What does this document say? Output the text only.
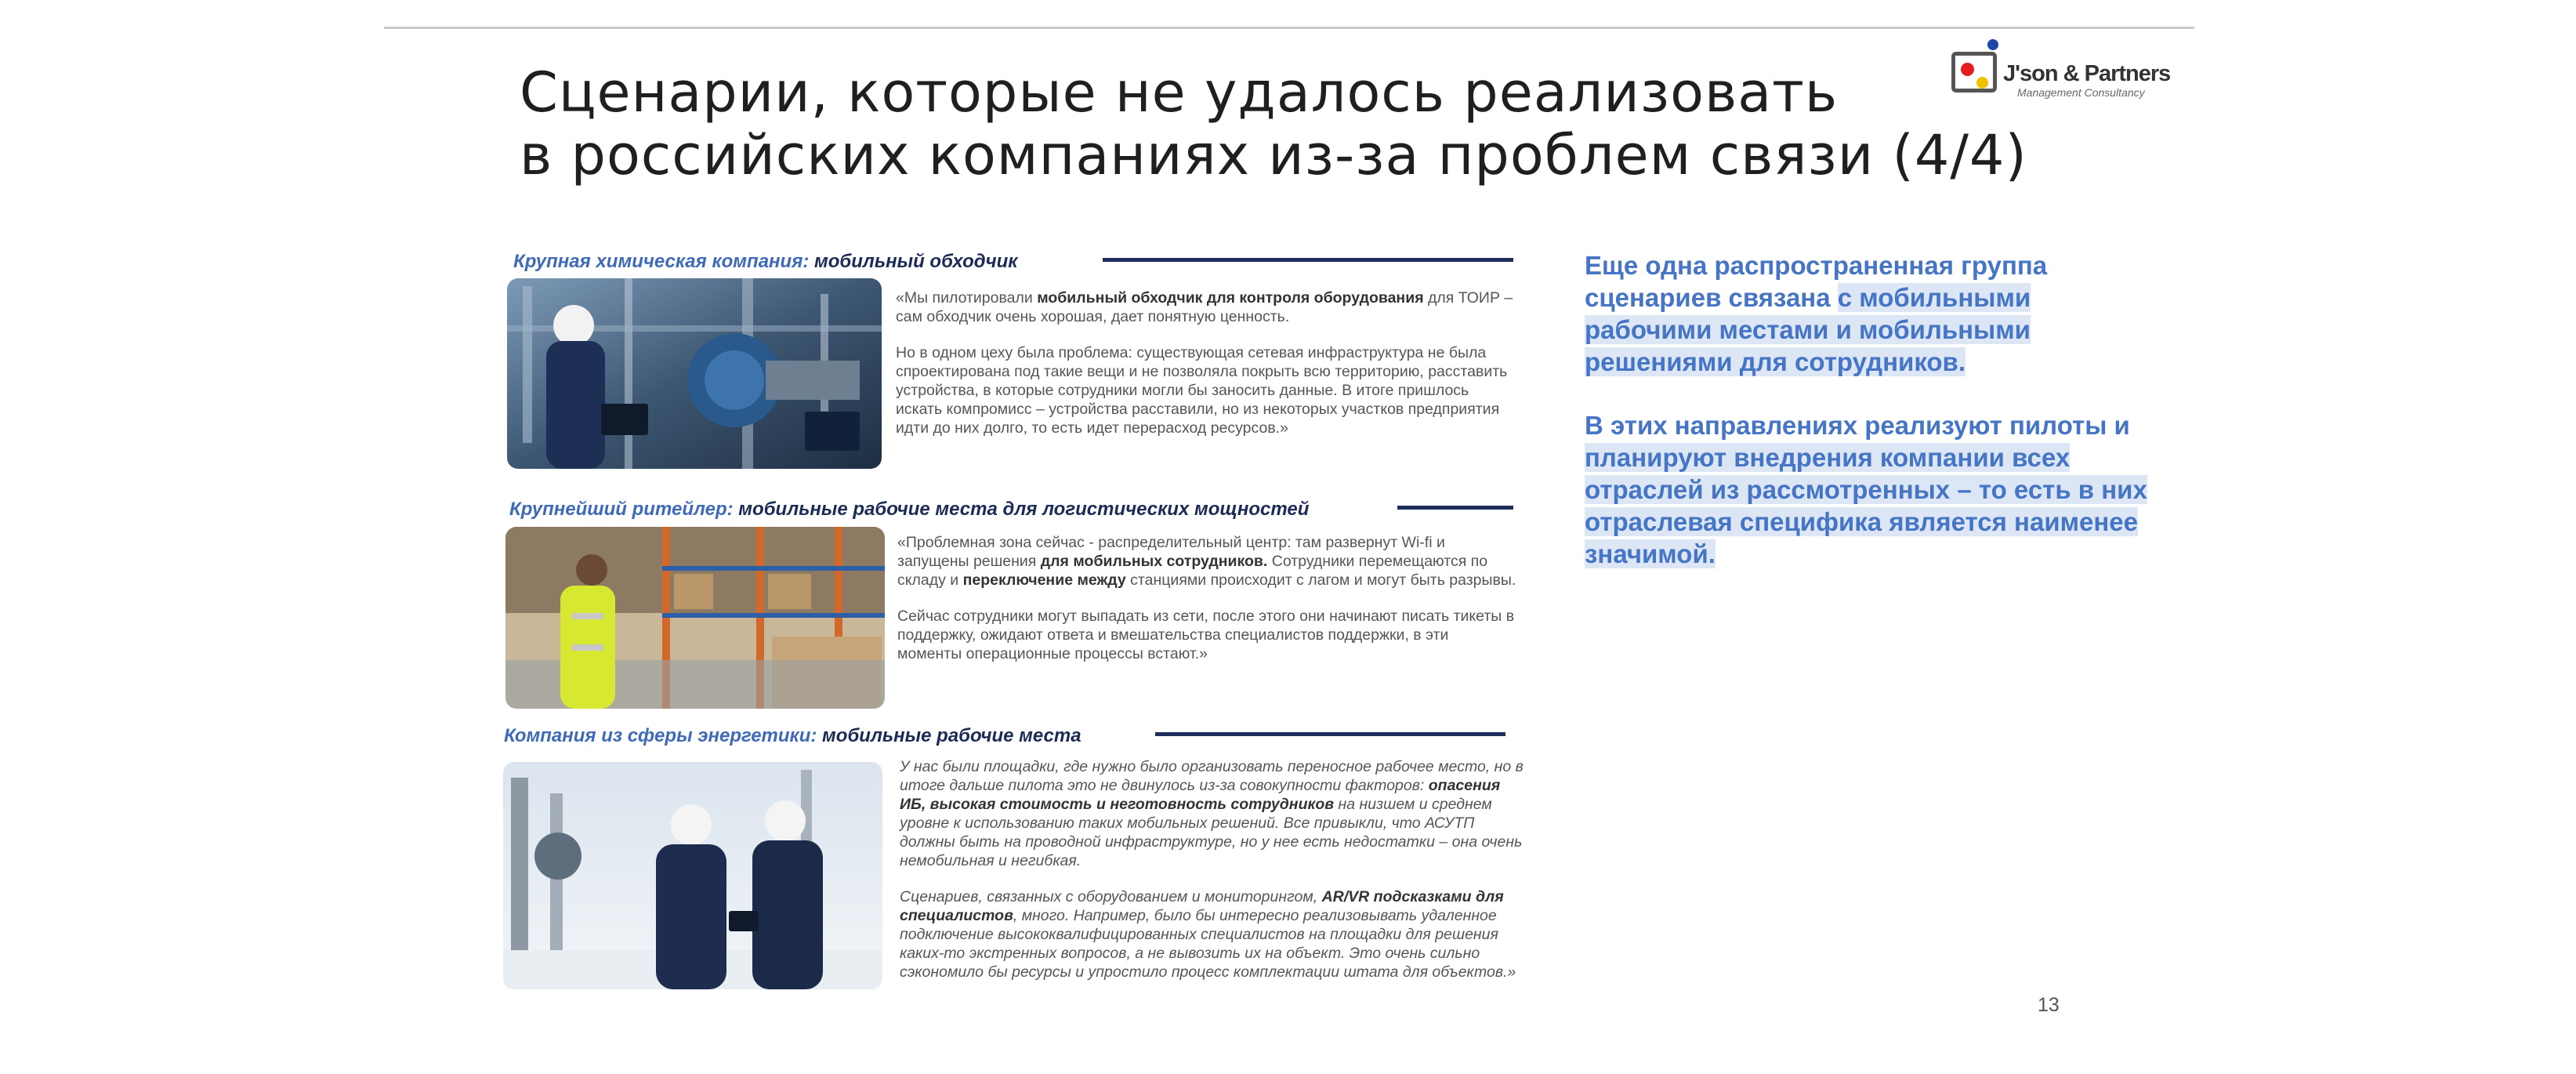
Сценарии, которые не удалось реализовать
в российских компаниях из-за проблем связи (4/4)
J'son & Partners
Management Consultancy
Крупная химическая компания: мобильный обходчик

«Мы пилотировали мобильный обходчик для контроля оборудования для ТОИР – сам обходчик очень хорошая, дает понятную ценность.

Но в одном цеху была проблема: существующая сетевая инфраструктура не была спроектирована под такие вещи и не позволяла покрыть всю территорию, расставить устройства, в которые сотрудники могли бы заносить данные. В итоге пришлось искать компромисс – устройства расставили, но из некоторых участков предприятия идти до них долго, то есть идет перерасход ресурсов.»

Крупнейший ритейлер: мобильные рабочие места для логистических мощностей

«Проблемная зона сейчас - распределительный центр: там развернут Wi-fi и запущены решения для мобильных сотрудников. Сотрудники перемещаются по складу и переключение между станциями происходит с лагом и могут быть разрывы.

Сейчас сотрудники могут выпадать из сети, после этого они начинают писать тикеты в поддержку, ожидают ответа и вмешательства специалистов поддержки, в эти моменты операционные процессы встают.»

Компания из сферы энергетики: мобильные рабочие места

У нас были площадки, где нужно было организовать переносное рабочее место, но в итоге дальше пилота это не двинулось из-за совокупности факторов: опасения ИБ, высокая стоимость и неготовность сотрудников на низшем и среднем уровне к использованию таких мобильных решений. Все привыкли, что АСУТП должны быть на проводной инфраструктуре, но у нее есть недостатки – она очень немобильная и негибкая.

Сценариев, связанных с оборудованием и мониторингом, AR/VR подсказками для специалистов, много. Например, было бы интересно реализовывать удаленное подключение высококвалифицированных специалистов на площадки для решения каких-то экстренных вопросов, а не вывозить их на объект. Это очень сильно сэкономило бы ресурсы и упростило процесс комплектации штата для объектов.»

Еще одна распространенная группа сценариев связана с мобильными рабочими местами и мобильными решениями для сотрудников.

В этих направлениях реализуют пилоты и планируют внедрения компании всех отраслей из рассмотренных – то есть в них отраслевая специфика является наименее значимой.

13
